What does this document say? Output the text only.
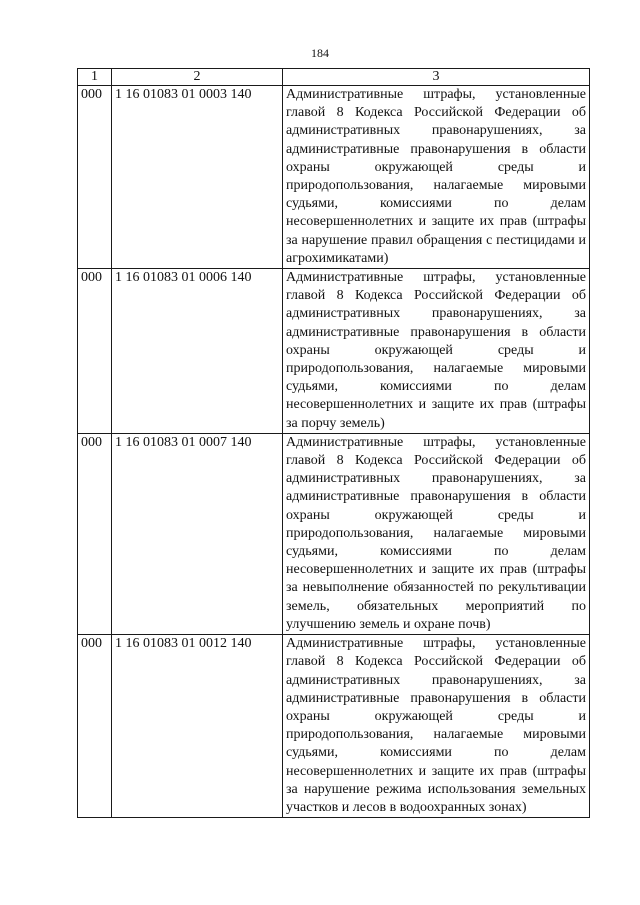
184
1	2	3
000	1 16 01083 01 0003 140	Административные штрафы, установленные главой 8 Кодекса Российской Федерации об административных правонарушениях, за административные правонарушения в области охраны окружающей среды и природопользования, налагаемые мировыми судьями, комиссиями по делам несовершеннолетних и защите их прав (штрафы за нарушение правил обращения с пестицидами и агрохимикатами)
000	1 16 01083 01 0006 140	Административные штрафы, установленные главой 8 Кодекса Российской Федерации об административных правонарушениях, за административные правонарушения в области охраны окружающей среды и природопользования, налагаемые мировыми судьями, комиссиями по делам несовершеннолетних и защите их прав (штрафы за порчу земель)
000	1 16 01083 01 0007 140	Административные штрафы, установленные главой 8 Кодекса Российской Федерации об административных правонарушениях, за административные правонарушения в области охраны окружающей среды и природопользования, налагаемые мировыми судьями, комиссиями по делам несовершеннолетних и защите их прав (штрафы за невыполнение обязанностей по рекультивации земель, обязательных мероприятий по улучшению земель и охране почв)
000	1 16 01083 01 0012 140	Административные штрафы, установленные главой 8 Кодекса Российской Федерации об административных правонарушениях, за административные правонарушения в области охраны окружающей среды и природопользования, налагаемые мировыми судьями, комиссиями по делам несовершеннолетних и защите их прав (штрафы за нарушение режима использования земельных участков и лесов в водоохранных зонах)
